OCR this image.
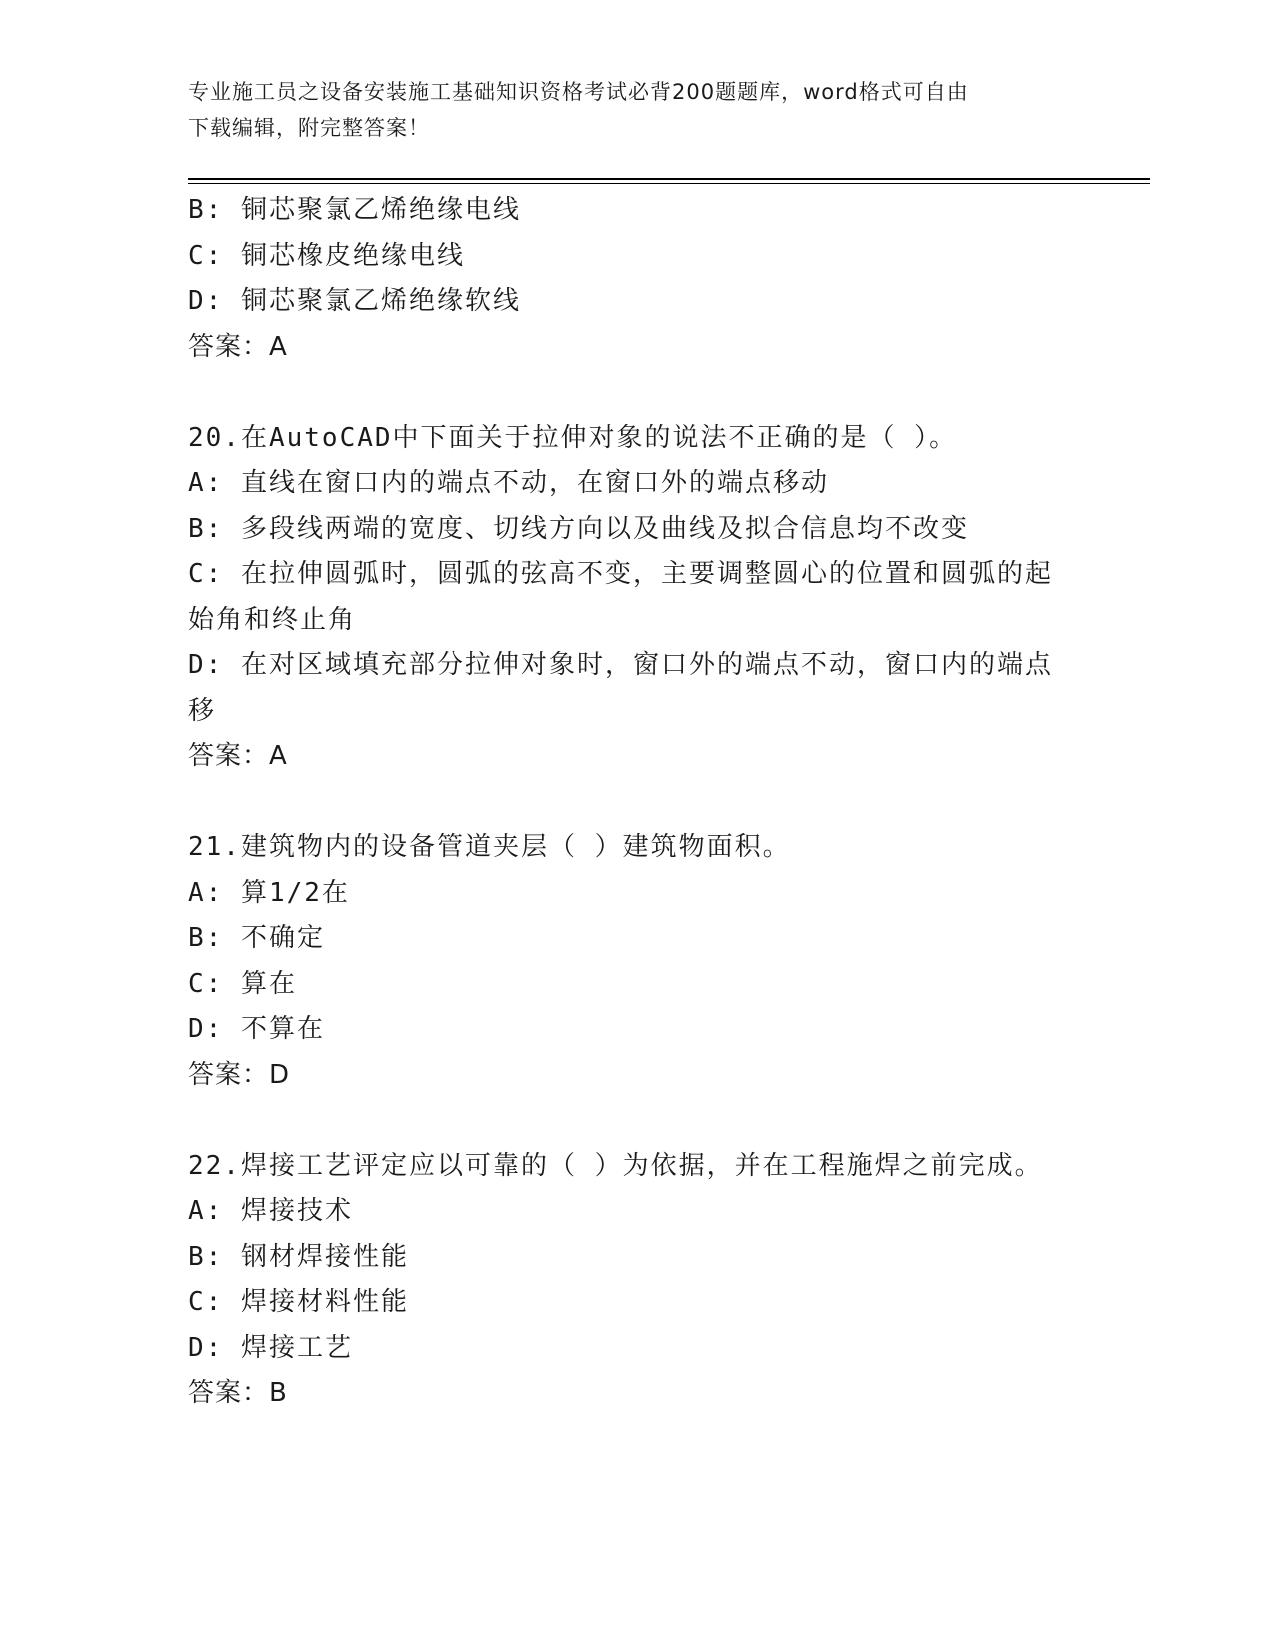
专业施工员之设备安装施工基础知识资格考试必背200题题库，word格式可自由
下载编辑，附完整答案！
B: 铜芯聚氯乙烯绝缘电线
C: 铜芯橡皮绝缘电线
D: 铜芯聚氯乙烯绝缘软线
答案：A
20.在AutoCAD中下面关于拉伸对象的说法不正确的是（ ）。
A: 直线在窗口内的端点不动，在窗口外的端点移动
B: 多段线两端的宽度、切线方向以及曲线及拟合信息均不改变
C: 在拉伸圆弧时，圆弧的弦高不变，主要调整圆心的位置和圆弧的起
始角和终止角
D: 在对区域填充部分拉伸对象时，窗口外的端点不动，窗口内的端点
移
答案：A
21.建筑物内的设备管道夹层（ ）建筑物面积。
A: 算1/2在
B: 不确定
C: 算在
D: 不算在
答案：D
22.焊接工艺评定应以可靠的（ ）为依据，并在工程施焊之前完成。
A: 焊接技术
B: 钢材焊接性能
C: 焊接材料性能
D: 焊接工艺
答案：B
